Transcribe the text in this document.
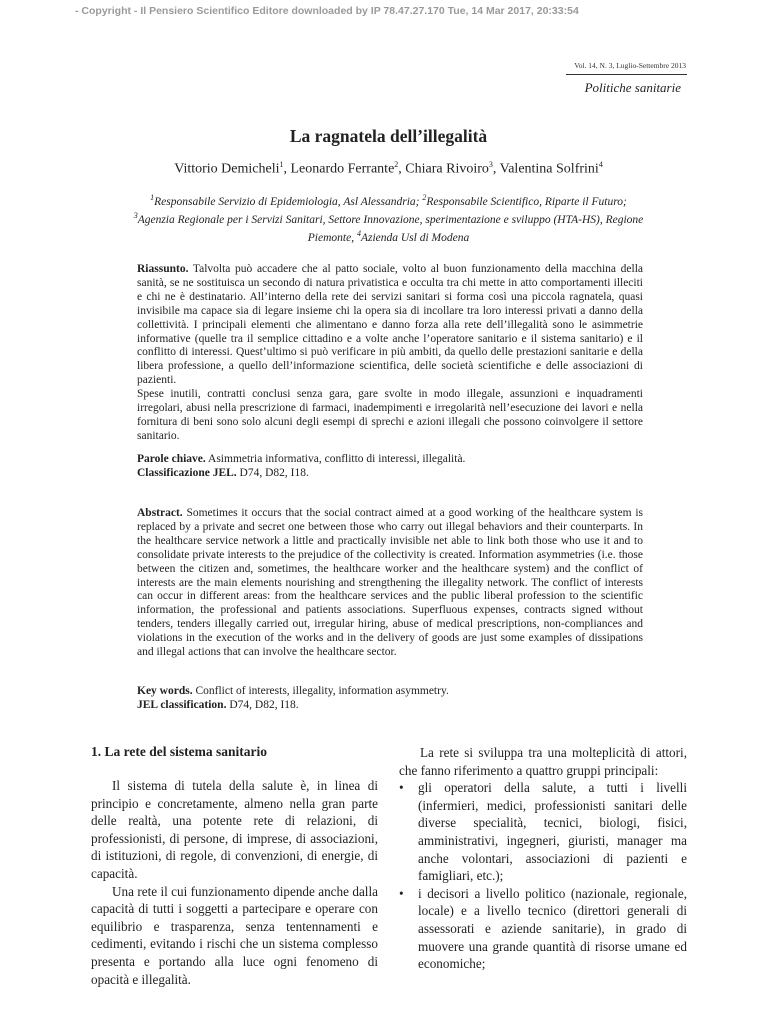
- Copyright - Il Pensiero Scientifico Editore downloaded by IP 78.47.27.170 Tue, 14 Mar 2017, 20:33:54
Vol. 14, N. 3, Luglio-Settembre 2013
Politiche sanitarie
La ragnatela dell’illegalità
Vittorio Demicheli$^1$, Leonardo Ferrante$^2$, Chiara Rivoiro$^3$, Valentina Solfrini$^4$
$^1$Responsabile Servizio di Epidemiologia, Asl Alessandria; $^2$Responsabile Scientifico, Riparte il Futuro;
$^3$Agenzia Regionale per i Servizi Sanitari, Settore Innovazione, sperimentazione e sviluppo (HTA-HS), Regione Piemonte, $^4$Azienda Usl di Modena
Riassunto. Talvolta può accadere che al patto sociale, volto al buon funzionamento della macchina della sanità, se ne sostituisca un secondo di natura privatistica e occulta tra chi mette in atto comportamenti illeciti e chi ne è destinatario. All’interno della rete dei servizi sanitari si forma così una piccola ragnatela, quasi invisibile ma capace sia di legare insieme chi la opera sia di incollare tra loro interessi privati a danno della collettività. I principali elementi che alimentano e danno forza alla rete dell’illegalità sono le asimmetrie informative (quelle tra il semplice cittadino e a volte anche l’operatore sanitario e il sistema sanitario) e il conflitto di interessi. Quest’ultimo si può verificare in più ambiti, da quello delle prestazioni sanitarie e della libera professione, a quello dell’informazione scientifica, delle società scientifiche e delle associazioni di pazienti.
Spese inutili, contratti conclusi senza gara, gare svolte in modo illegale, assunzioni e inquadramenti irregolari, abusi nella prescrizione di farmaci, inadempimenti e irregolarità nell’esecuzione dei lavori e nella fornitura di beni sono solo alcuni degli esempi di sprechi e azioni illegali che possono coinvolgere il settore sanitario.
Parole chiave. Asimmetria informativa, conflitto di interessi, illegalità.
Classificazione JEL. D74, D82, I18.
Abstract. Sometimes it occurs that the social contract aimed at a good working of the healthcare system is replaced by a private and secret one between those who carry out illegal behaviors and their counterparts. In the healthcare service network a little and practically invisible net able to link both those who use it and to consolidate private interests to the prejudice of the collectivity is created. Information asymmetries (i.e. those between the citizen and, sometimes, the healthcare worker and the healthcare system) and the conflict of interests are the main elements nourishing and strengthening the illegality network. The conflict of interests can occur in different areas: from the healthcare services and the public liberal profession to the scientific information, the professional and patients associations. Superfluous expenses, contracts signed without tenders, tenders illegally carried out, irregular hiring, abuse of medical prescriptions, non-compliances and violations in the execution of the works and in the delivery of goods are just some examples of dissipations and illegal actions that can involve the healthcare sector.
Key words. Conflict of interests, illegality, information asymmetry.
JEL classification. D74, D82, I18.
1. La rete del sistema sanitario

Il sistema di tutela della salute è, in linea di principio e concretamente, almeno nella gran parte delle realtà, una potente rete di relazioni, di professionisti, di persone, di imprese, di associazioni, di istituzioni, di regole, di convenzioni, di energie, di capacità.

Una rete il cui funzionamento dipende anche dalla capacità di tutti i soggetti a partecipare e operare con equilibrio e trasparenza, senza tentennamenti e cedimenti, evitando i rischi che un sistema complesso presenta e portando alla luce ogni fenomeno di opacità e illegalità.

La rete si sviluppa tra una molteplicità di attori, che fanno riferimento a quattro gruppi principali:

• gli operatori della salute, a tutti i livelli (infermieri, medici, professionisti sanitari delle diverse specialità, tecnici, biologi, fisici, amministrativi, ingegneri, giuristi, manager ma anche volontari, associazioni di pazienti e famigliari, etc.);
• i decisori a livello politico (nazionale, regionale, locale) e a livello tecnico (direttori generali di assessorati e aziende sanitarie), in grado di muovere una grande quantità di risorse umane ed economiche;
